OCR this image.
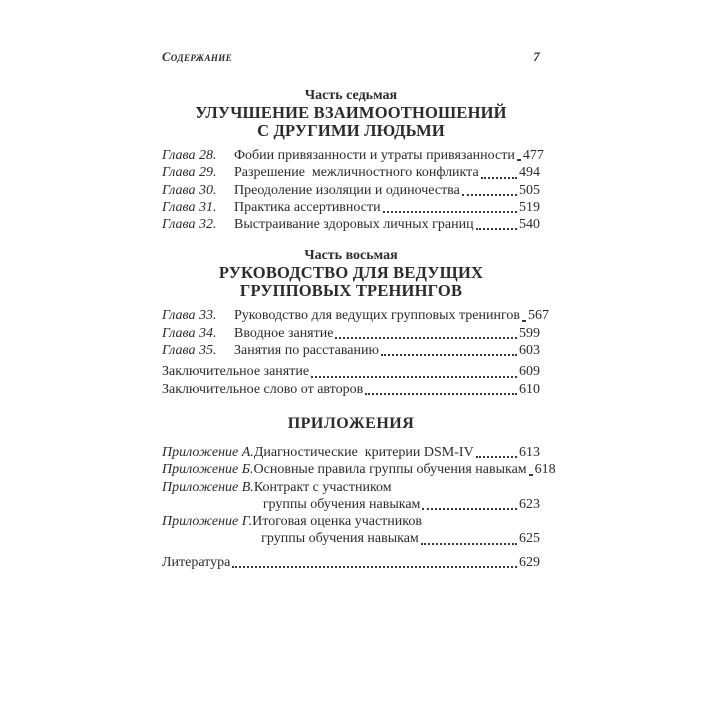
Содержание	7
Часть седьмая
УЛУЧШЕНИЕ ВЗАИМООТНОШЕНИЙ
С ДРУГИМИ ЛЮДЬМИ
Глава 28.	Фобии привязанности и утраты привязанности 477
Глава 29.	Разрешение  межличностного конфликта	494
Глава 30.	Преодоление изоляции и одиночества	505
Глава 31.	Практика ассертивности	519
Глава 32.	Выстраивание здоровых личных границ	540
Часть восьмая
РУКОВОДСТВО ДЛЯ ВЕДУЩИХ
ГРУППОВЫХ ТРЕНИНГОВ
Глава 33.	Руководство для ведущих групповых тренингов 567
Глава 34.	Вводное занятие	599
Глава 35.	Занятия по расставанию	603
Заключительное занятие	609
Заключительное слово от авторов	610
ПРИЛОЖЕНИЯ
Приложение А. Диагностические  критерии DSM-IV	613
Приложение Б. Основные правила группы обучения навыкам 618
Приложение В. Контракт с участником
группы обучения навыкам	623
Приложение Г. Итоговая оценка участников
группы обучения навыкам	625
Литература	629
